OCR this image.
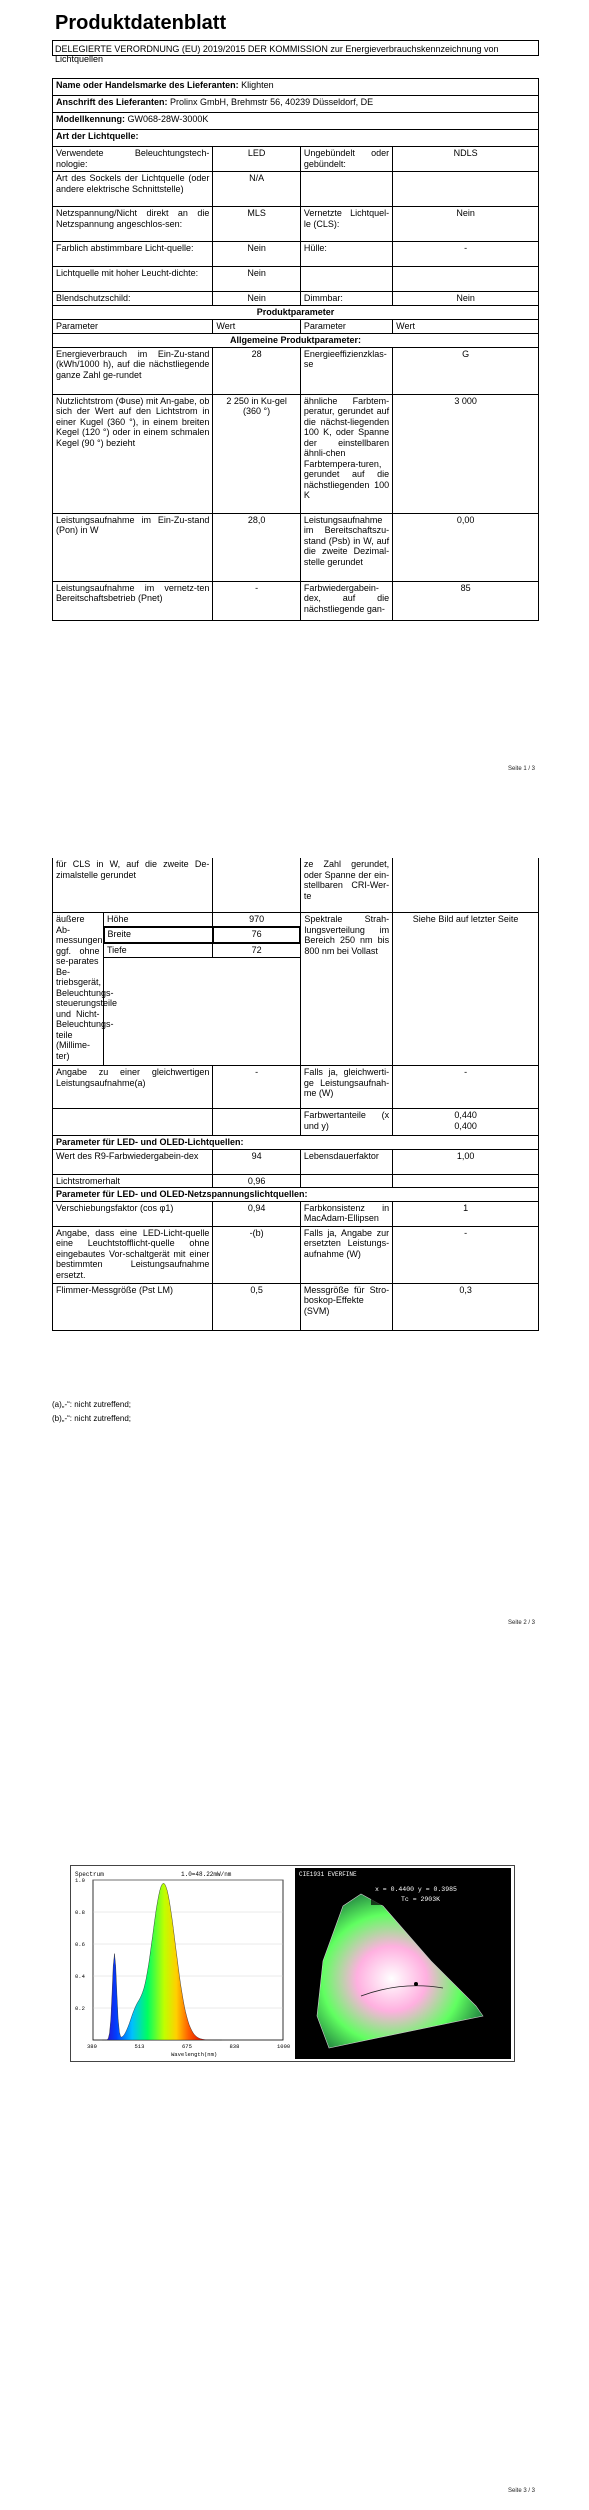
Produktdatenblatt
DELEGIERTE VERORDNUNG (EU) 2019/2015 DER KOMMISSION zur Energieverbrauchskennzeichnung von Lichtquellen
Name oder Handelsmarke des Lieferanten: Klighten
Anschrift des Lieferanten: Prolinx GmbH, Brehmstr 56, 40239 Düsseldorf, DE
Modellkennung: GW068-28W-3000K
Art der Lichtquelle:
Verwendete Beleuchtungstech-nologie:	LED	Ungebündelt oder gebündelt:	NDLS
Art des Sockels der Lichtquelle (oder andere elektrische Schnittstelle)	N/A		
Netzspannung/Nicht direkt an die Netzspannung angeschlos-sen:	MLS	Vernetzte Lichtquel-le (CLS):	Nein
Farblich abstimmbare Licht-quelle:	Nein	Hülle:	-
Lichtquelle mit hoher Leucht-dichte:	Nein		
Blendschutzschild:	Nein	Dimmbar:	Nein
Produktparameter			
Parameter	Wert	Parameter	Wert
Allgemeine Produktparameter:			
Energieverbrauch im Ein-Zu-stand (kWh/1000 h), auf die nächstliegende ganze Zahl ge-rundet	28	Energieeffizienzklas-se	G
Nutzlichtstrom (Φuse) mit An-gabe, ob sich der Wert auf den Lichtstrom in einer Kugel (360 °), in einem breiten Kegel (120 °) oder in einem schmalen Kegel (90 °) bezieht	2 250 in Ku-gel (360 °)	ähnliche Farbtem-peratur, gerundet auf die nächst-liegenden 100 K, oder Spanne der einstellbaren ähnli-chen Farbtempera-turen, gerundet auf die nächstliegenden 100 K	3 000
Leistungsaufnahme im Ein-Zu-stand (Pon) in W	28,0	Leistungsaufnahme im Bereitschaftszu-stand (Psb) in W, auf die zweite Dezimal-stelle gerundet	0,00
Leistungsaufnahme im vernetz-ten Bereitschaftsbetrieb (Pnet)	-	Farbwiedergabein-dex, auf die nächstliegende gan-	85
Seite 1 / 3
für CLS in W, auf die zweite De-zimalstelle gerundet			ze Zahl gerundet, oder Spanne der ein-stellbaren CRI-Wer-te	
äußere Ab-messungen, ggf. ohne se-parates Be-triebsgerät, Beleuchtungs-steuerungsteile und Nicht-Beleuchtungs-teile (Millime-ter)	Höhe	970	Spektrale Strah-lungsverteilung im Bereich 250 nm bis 800 nm bei Vollast	Siehe Bild auf letzter Seite
	Breite	76		
	Tiefe	72		

Angabe zu einer gleichwertigen Leistungsaufnahme(a)		-	Falls ja, gleichwerti-ge Leistungsaufnah-me (W)	-
			Farbwertanteile (x und y)	0,440
0,400

Parameter für LED- und OLED-Lichtquellen:				
Wert des R9-Farbwiedergabein-dex		94	Lebensdauerfaktor	1,00
Lichtstromerhalt		0,96		
Parameter für LED- und OLED-Netzspannungslichtquellen:				
Verschiebungsfaktor (cos φ1)		0,94	Farbkonsistenz in MacAdam-Ellipsen	1
Angabe, dass eine LED-Licht-quelle eine Leuchtstofflicht-quelle ohne eingebautes Vor-schaltgerät mit einer bestimmten Leistungsaufnahme ersetzt.		-(b)	Falls ja, Angabe zur ersetzten Leistungs-aufnahme (W)	-
Flimmer-Messgröße (Pst LM)		0,5	Messgröße für Stro-boskop-Effekte (SVM)	0,3
(a)„-“: nicht zutreffend;
(b)„-“: nicht zutreffend;
Seite 2 / 3
Spectrum	1.0=48.22mW/nm
380	513	675	838	1000
1.0
0.8
0.6
0.4
0.2
Wavelength(nm)
CIE1931 EVERFINE
x = 0.4400 y = 0.3985
Tc = 2903K
Seite 3 / 3
